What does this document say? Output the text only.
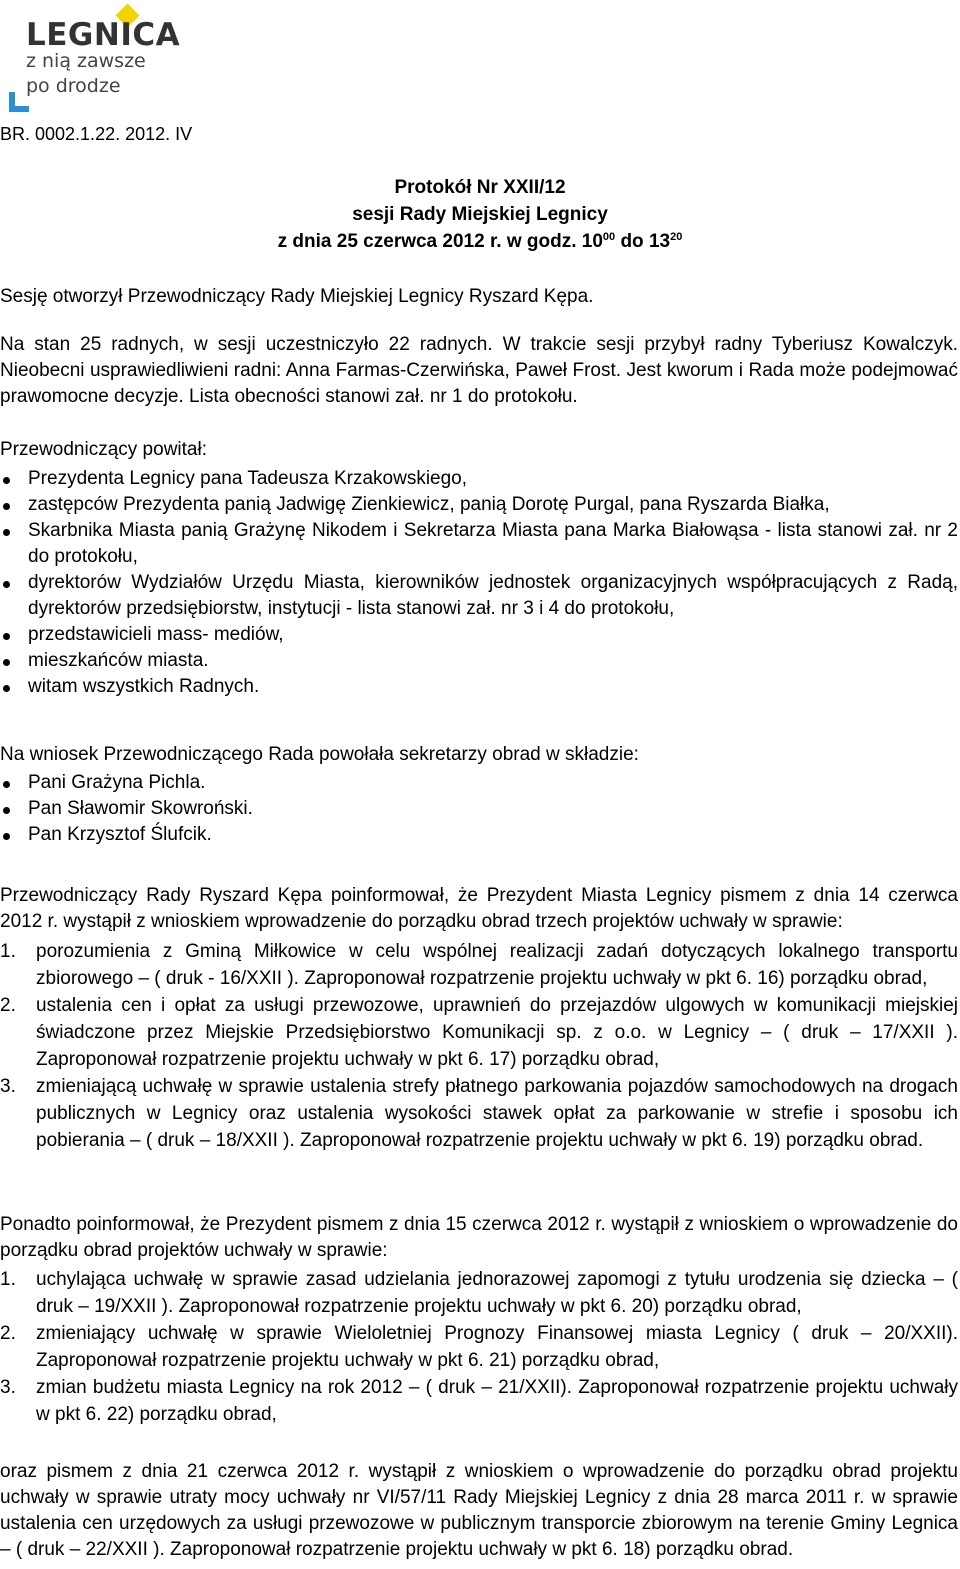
LEGNICA
z nią zawsze
po drodze
BR. 0002.1.22. 2012. IV
Protokół Nr XXII/12
sesji Rady Miejskiej Legnicy
z dnia 25 czerwca 2012 r. w godz. $10^{00}$ do $13^{20}$
Sesję otworzył Przewodniczący Rady Miejskiej Legnicy Ryszard Kępa.
Na stan 25 radnych, w sesji uczestniczyło 22 radnych. W trakcie sesji przybył radny Tyberiusz Kowalczyk. Nieobecni usprawiedliwieni radni: Anna Farmas-Czerwińska, Paweł Frost. Jest kworum i Rada może podejmować prawomocne decyzje. Lista obecności stanowi zał. nr 1 do protokołu.
Przewodniczący powitał:
Prezydenta Legnicy pana Tadeusza Krzakowskiego,
zastępców Prezydenta panią Jadwigę Zienkiewicz, panią Dorotę Purgal, pana Ryszarda Białka,
Skarbnika Miasta panią Grażynę Nikodem i Sekretarza Miasta pana Marka Białowąsa - lista stanowi zał. nr 2 do protokołu,
dyrektorów Wydziałów Urzędu Miasta, kierowników jednostek organizacyjnych współpracujących z Radą, dyrektorów przedsiębiorstw, instytucji - lista stanowi zał. nr 3 i 4 do protokołu,
przedstawicieli mass- mediów,
mieszkańców miasta.
witam wszystkich Radnych.
Na wniosek Przewodniczącego Rada powołała sekretarzy obrad w składzie:
Pani Grażyna Pichla.
Pan Sławomir Skowroński.
Pan Krzysztof Ślufcik.
Przewodniczący Rady Ryszard Kępa poinformował, że Prezydent Miasta Legnicy pismem z dnia 14 czerwca 2012 r. wystąpił z wnioskiem wprowadzenie do porządku obrad trzech projektów uchwały w sprawie:
1. porozumienia z Gminą Miłkowice w celu wspólnej realizacji zadań dotyczących lokalnego transportu zbiorowego – ( druk - 16/XXII ). Zaproponował rozpatrzenie projektu uchwały w pkt 6. 16) porządku obrad,
2. ustalenia cen i opłat za usługi przewozowe, uprawnień do przejazdów ulgowych w komunikacji miejskiej świadczone przez Miejskie Przedsiębiorstwo Komunikacji sp. z o.o. w Legnicy – ( druk – 17/XXII ). Zaproponował rozpatrzenie projektu uchwały w pkt 6. 17) porządku obrad,
3. zmieniającą uchwałę w sprawie ustalenia strefy płatnego parkowania pojazdów samochodowych na drogach publicznych w Legnicy oraz ustalenia wysokości stawek opłat za parkowanie w strefie i sposobu ich pobierania – ( druk – 18/XXII ). Zaproponował rozpatrzenie projektu uchwały w pkt 6. 19) porządku obrad.
Ponadto poinformował, że Prezydent pismem z dnia 15 czerwca 2012 r. wystąpił z wnioskiem o wprowadzenie do porządku obrad projektów uchwały w sprawie:
1. uchylająca uchwałę w sprawie zasad udzielania jednorazowej zapomogi z tytułu urodzenia się dziecka – ( druk – 19/XXII ). Zaproponował rozpatrzenie projektu uchwały w pkt 6. 20) porządku obrad,
2. zmieniający uchwałę w sprawie Wieloletniej Prognozy Finansowej miasta Legnicy ( druk – 20/XXII). Zaproponował rozpatrzenie projektu uchwały w pkt 6. 21) porządku obrad,
3. zmian budżetu miasta Legnicy na rok 2012 – ( druk – 21/XXII). Zaproponował rozpatrzenie projektu uchwały w pkt 6. 22) porządku obrad,
oraz pismem z dnia 21 czerwca 2012 r. wystąpił z wnioskiem o wprowadzenie do porządku obrad projektu uchwały w sprawie utraty mocy uchwały nr VI/57/11 Rady Miejskiej Legnicy z dnia 28 marca 2011 r. w sprawie ustalenia cen urzędowych za usługi przewozowe w publicznym transporcie zbiorowym na terenie Gminy Legnica – ( druk – 22/XXII ). Zaproponował rozpatrzenie projektu uchwały w pkt 6. 18) porządku obrad.
